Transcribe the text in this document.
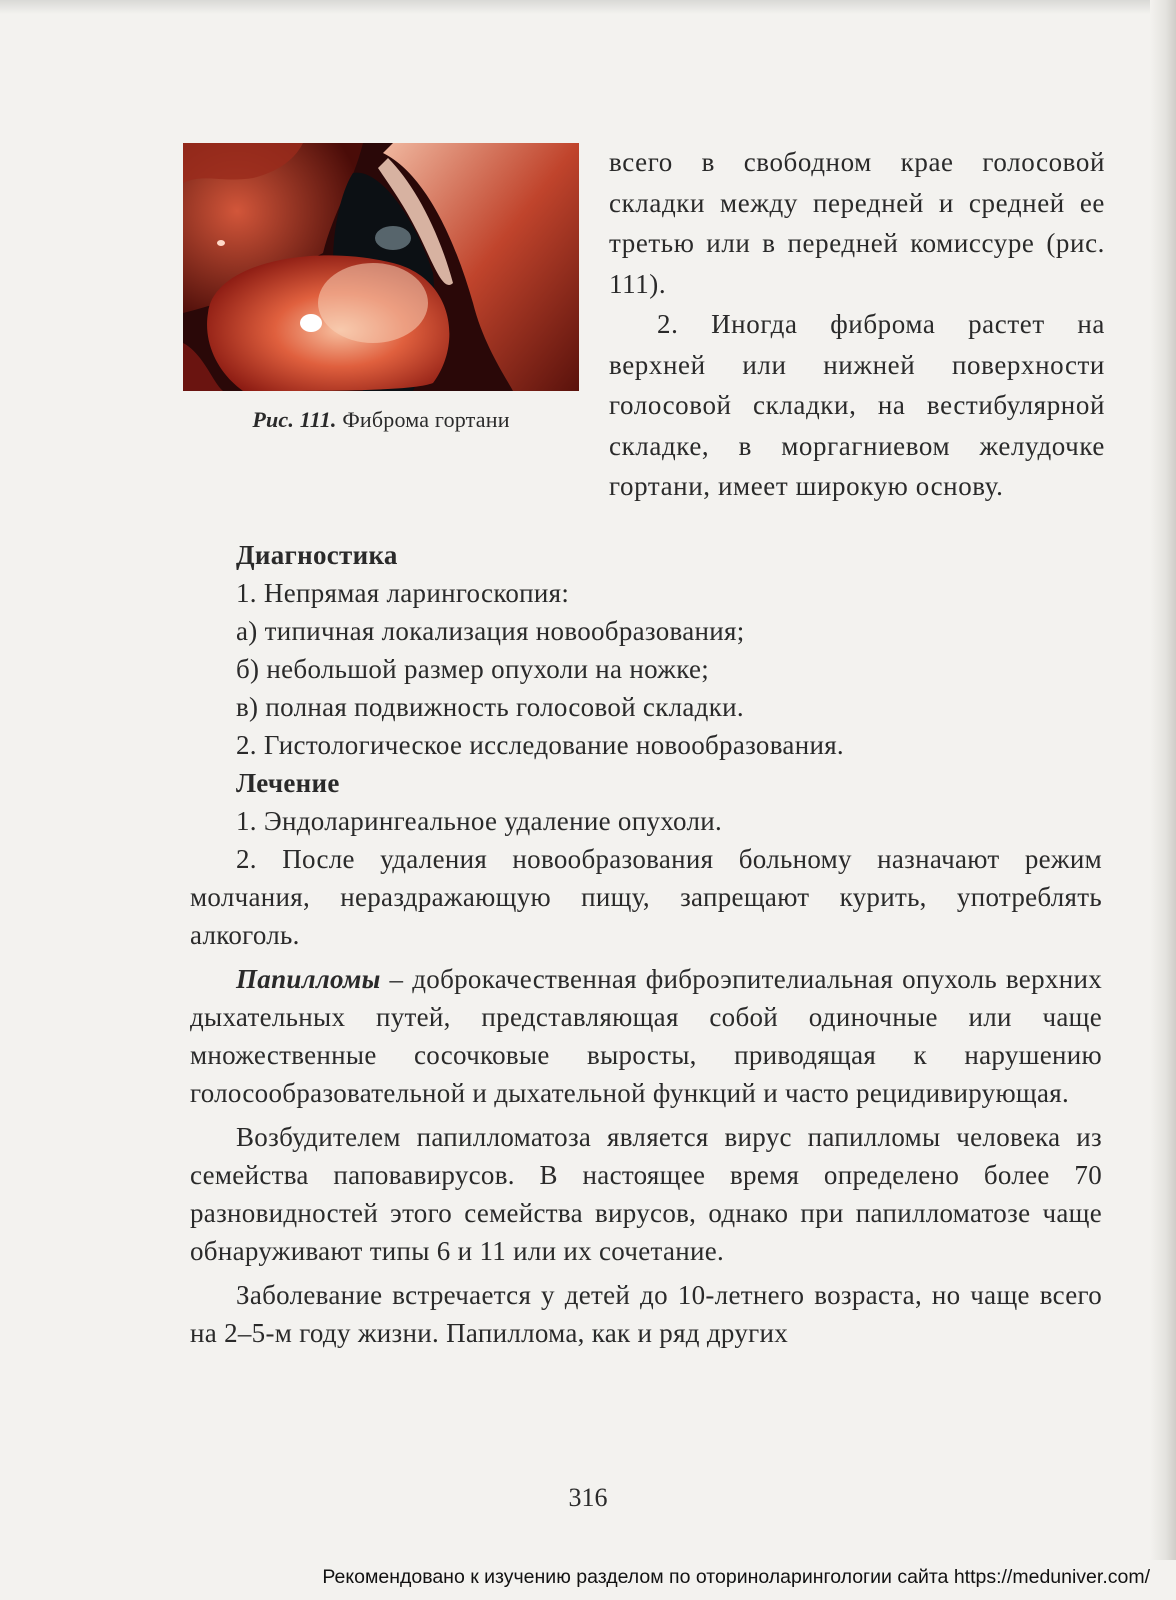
Рис. 111. Фиброма гортани

всего в свободном крае голосовой складки между передней и средней ее третью или в передней комиссуре (рис. 111).

2. Иногда фиброма растет на верхней или нижней поверхности голосовой складки, на вестибулярной складке, в моргагниевом желудочке гортани, имеет широкую основу.

Диагностика

1. Непрямая ларингоскопия:

а) типичная локализация новообразования;

б) небольшой размер опухоли на ножке;

в) полная подвижность голосовой складки.

2. Гистологическое исследование новообразования.

Лечение

1. Эндоларингеальное удаление опухоли.

2. После удаления новообразования больному назначают режим молчания, нераздражающую пищу, запрещают курить, употреблять алкоголь.

Папилломы – доброкачественная фиброэпителиальная опухоль верхних дыхательных путей, представляющая собой одиночные или чаще множественные сосочковые выросты, приводящая к нарушению голосообразовательной и дыхательной функций и часто рецидивирующая.

Возбудителем папилломатоза является вирус папилломы человека из семейства паповавирусов. В настоящее время определено более 70 разновидностей этого семейства вирусов, однако при папилломатозе чаще обнаруживают типы 6 и 11 или их сочетание.

Заболевание встречается у детей до 10-летнего возраста, но чаще всего на 2–5-м году жизни. Папиллома, как и ряд других

316
Рекомендовано к изучению разделом по оториноларингологии сайта https://meduniver.com/
